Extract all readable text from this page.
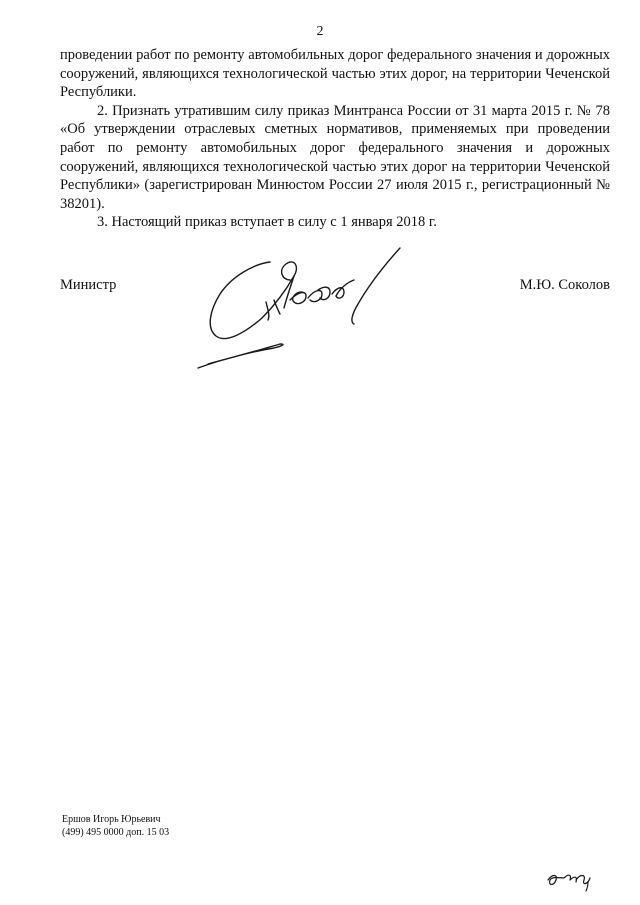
2

проведении работ по ремонту автомобильных дорог федерального значения и дорожных сооружений, являющихся технологической частью этих дорог, на территории Чеченской Республики.

2. Признать утратившим силу приказ Минтранса России от 31 марта 2015 г. № 78 «Об утверждении отраслевых сметных нормативов, применяемых при проведении работ по ремонту автомобильных дорог федерального значения и дорожных сооружений, являющихся технологической частью этих дорог на территории Чеченской Республики» (зарегистрирован Минюстом России 27 июля 2015 г., регистрационный № 38201).

3. Настоящий приказ вступает в силу с 1 января 2018 г.

Министр	М.Ю. Соколов
Ершов Игорь Юрьевич
(499) 495 0000 доп. 15 03
